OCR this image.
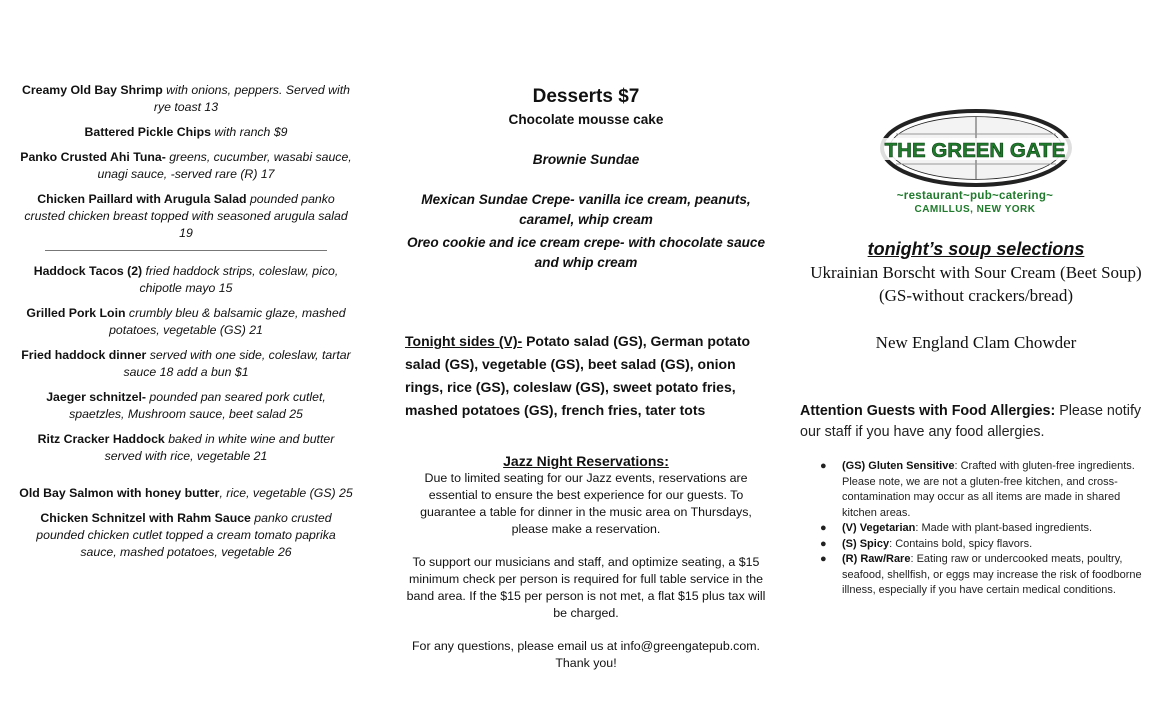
Creamy Old Bay Shrimp with onions, peppers. Served with rye toast 13
Battered Pickle Chips with ranch $9
Panko Crusted Ahi Tuna- greens, cucumber, wasabi sauce, unagi sauce, -served rare (R) 17
Chicken Paillard with Arugula Salad pounded panko crusted chicken breast topped with seasoned arugula salad 19
Haddock Tacos (2) fried haddock strips, coleslaw, pico, chipotle mayo 15
Grilled Pork Loin crumbly bleu & balsamic glaze, mashed potatoes, vegetable (GS) 21
Fried haddock dinner served with one side, coleslaw, tartar sauce 18 add a bun $1
Jaeger schnitzel- pounded pan seared pork cutlet, spaetzles, Mushroom sauce, beet salad 25
Ritz Cracker Haddock baked in white wine and butter served with rice, vegetable 21
Old Bay Salmon with honey butter, rice, vegetable (GS) 25
Chicken Schnitzel with Rahm Sauce panko crusted pounded chicken cutlet topped a cream tomato paprika sauce, mashed potatoes, vegetable 26
Desserts $7
Chocolate mousse cake
Brownie Sundae
Mexican Sundae Crepe- vanilla ice cream, peanuts, caramel, whip cream
Oreo cookie and ice cream crepe- with chocolate sauce and whip cream
Tonight sides (V)- Potato salad (GS), German potato salad (GS), vegetable (GS), beet salad (GS), onion rings, rice (GS), coleslaw (GS), sweet potato fries, mashed potatoes (GS), french fries, tater tots
Jazz Night Reservations:
Due to limited seating for our Jazz events, reservations are essential to ensure the best experience for our guests. To guarantee a table for dinner in the music area on Thursdays, please make a reservation.
To support our musicians and staff, and optimize seating, a $15 minimum check per person is required for full table service in the band area. If the $15 per person is not met, a flat $15 plus tax will be charged.
For any questions, please email us at info@greengatepub.com. Thank you!
THE GREEN GATE
~restaurant~pub~catering~
CAMILLUS, NEW YORK
tonight’s soup selections
Ukrainian Borscht with Sour Cream (Beet Soup) (GS-without crackers/bread)
New England Clam Chowder
Attention Guests with Food Allergies: Please notify our staff if you have any food allergies.
● (GS) Gluten Sensitive: Crafted with gluten-free ingredients. Please note, we are not a gluten-free kitchen, and cross-contamination may occur as all items are made in shared kitchen areas.
● (V) Vegetarian: Made with plant-based ingredients.
● (S) Spicy: Contains bold, spicy flavors.
● (R) Raw/Rare: Eating raw or undercooked meats, poultry, seafood, shellfish, or eggs may increase the risk of foodborne illness, especially if you have certain medical conditions.
